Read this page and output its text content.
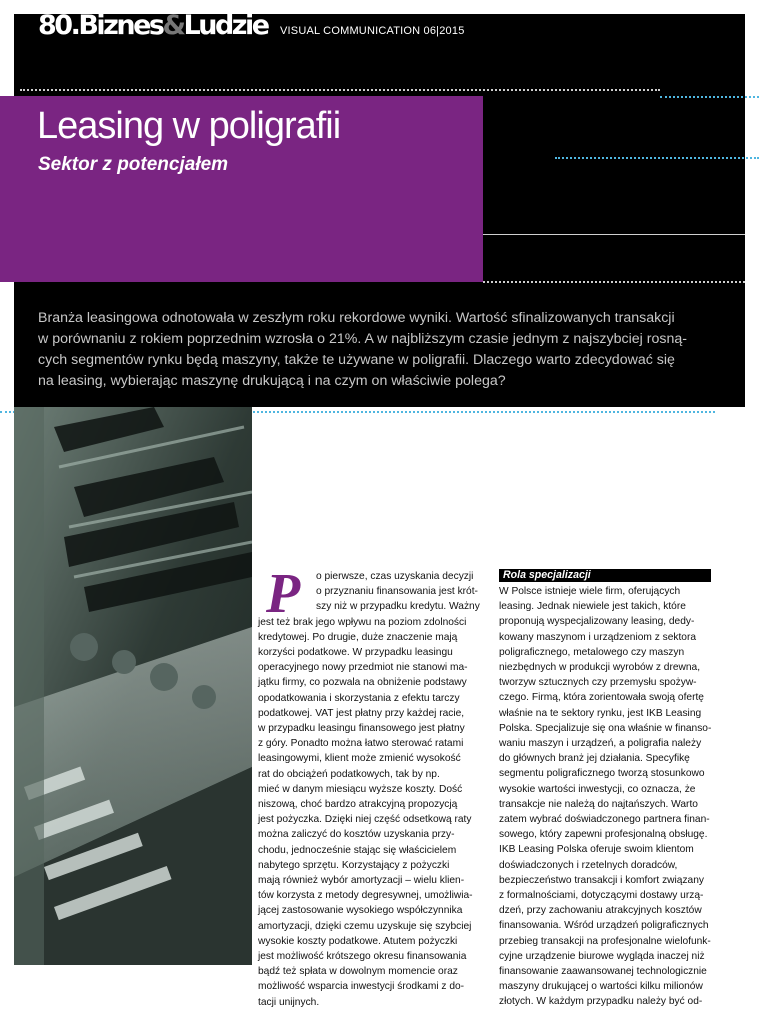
80.Biznes&Ludzie VISUAL COMMUNICATION 06|2015
Leasing w poligrafii
Sektor z potencjałem
Branża leasingowa odnotowała w zeszłym roku rekordowe wyniki. Wartość sfinalizowanych transakcji
w porównaniu z rokiem poprzednim wzrosła o 21%. A w najbliższym czasie jednym z najszybciej rosną-
cych segmentów rynku będą maszyny, także te używane w poligrafii. Dlaczego warto zdecydować się
na leasing, wybierając maszynę drukującą i na czym on właściwie polega?
P	o pierwsze, czas uzyskania decyzji
o przyznaniu finansowania jest krót-
szy niż w przypadku kredytu. Ważny
jest też brak jego wpływu na poziom zdolności
kredytowej. Po drugie, duże znaczenie mają
korzyści podatkowe. W przypadku leasingu
operacyjnego nowy przedmiot nie stanowi ma-
jątku firmy, co pozwala na obniżenie podstawy
opodatkowania i skorzystania z efektu tarczy
podatkowej. VAT jest płatny przy każdej racie,
w przypadku leasingu finansowego jest płatny
z góry. Ponadto można łatwo sterować ratami
leasingowymi, klient może zmienić wysokość
rat do obciążeń podatkowych, tak by np.
mieć w danym miesiącu wyższe koszty. Dość
niszową, choć bardzo atrakcyjną propozycją
jest pożyczka. Dzięki niej część odsetkową raty
można zaliczyć do kosztów uzyskania przy-
chodu, jednocześnie stając się właścicielem
nabytego sprzętu. Korzystający z pożyczki
mają również wybór amortyzacji – wielu klien-
tów korzysta z metody degresywnej, umożliwia-
jącej zastosowanie wysokiego współczynnika
amortyzacji, dzięki czemu uzyskuje się szybciej
wysokie koszty podatkowe. Atutem pożyczki
jest możliwość krótszego okresu finansowania
bądź też spłata w dowolnym momencie oraz
możliwość wsparcia inwestycji środkami z do-
tacji unijnych.
Rola specjalizacji
W Polsce istnieje wiele firm, oferujących
leasing. Jednak niewiele jest takich, które
proponują wyspecjalizowany leasing, dedy-
kowany maszynom i urządzeniom z sektora
poligraficznego, metalowego czy maszyn
niezbędnych w produkcji wyrobów z drewna,
tworzyw sztucznych czy przemysłu spożyw-
czego. Firmą, która zorientowała swoją ofertę
właśnie na te sektory rynku, jest IKB Leasing
Polska. Specjalizuje się ona właśnie w finanso-
waniu maszyn i urządzeń, a poligrafia należy
do głównych branż jej działania. Specyfikę
segmentu poligraficznego tworzą stosunkowo
wysokie wartości inwestycji, co oznacza, że
transakcje nie należą do najtańszych. Warto
zatem wybrać doświadczonego partnera finan-
sowego, który zapewni profesjonalną obsługę.
IKB Leasing Polska oferuje swoim klientom
doświadczonych i rzetelnych doradców,
bezpieczeństwo transakcji i komfort związany
z formalnościami, dotyczącymi dostawy urzą-
dzeń, przy zachowaniu atrakcyjnych kosztów
finansowania. Wśród urządzeń poligraficznych
przebieg transakcji na profesjonalne wielofunk-
cyjne urządzenie biurowe wygląda inaczej niż
finansowanie zaawansowanej technologicznie
maszyny drukującej o wartości kilku milionów
złotych. W każdym przypadku należy być od-
